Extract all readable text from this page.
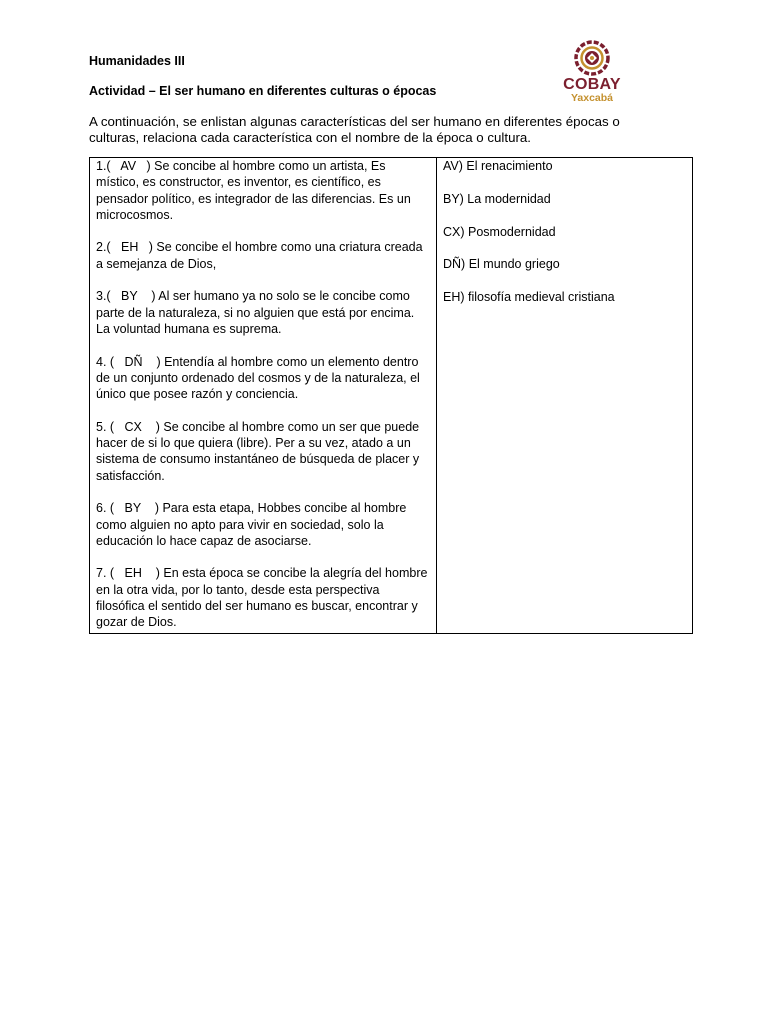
Humanidades III
Actividad – El ser humano en diferentes culturas o épocas	COBAY
Yaxcabá
A continuación, se enlistan algunas características del ser humano en diferentes épocas o culturas, relaciona cada característica con el nombre de la época o cultura.
1.(   AV   ) Se concibe al hombre como un artista, Es místico, es constructor, es inventor, es científico, es pensador político, es integrador de las diferencias. Es un microcosmos.
2.(   EH   ) Se concibe el hombre como una criatura creada a semejanza de Dios,
3.(   BY    ) Al ser humano ya no solo se le concibe como parte de la naturaleza, si no alguien que está por encima. La voluntad humana es suprema.
4. (   DÑ    ) Entendía al hombre como un elemento dentro de un conjunto ordenado del cosmos y de la naturaleza, el único que posee razón y conciencia.
5. (   CX    ) Se concibe al hombre como un ser que puede hacer de si lo que quiera (libre). Per a su vez, atado a un sistema de consumo instantáneo de búsqueda de placer y satisfacción.
6. (   BY    ) Para esta etapa, Hobbes concibe al hombre como alguien no apto para vivir en sociedad, solo la educación lo hace capaz de asociarse.
7. (   EH    ) En esta época se concibe la alegría del hombre en la otra vida, por lo tanto, desde esta perspectiva filosófica el sentido del ser humano es buscar, encontrar y gozar de Dios.
AV) El renacimiento
BY) La modernidad
CX) Posmodernidad
DÑ) El mundo griego
EH) filosofía medieval cristiana
